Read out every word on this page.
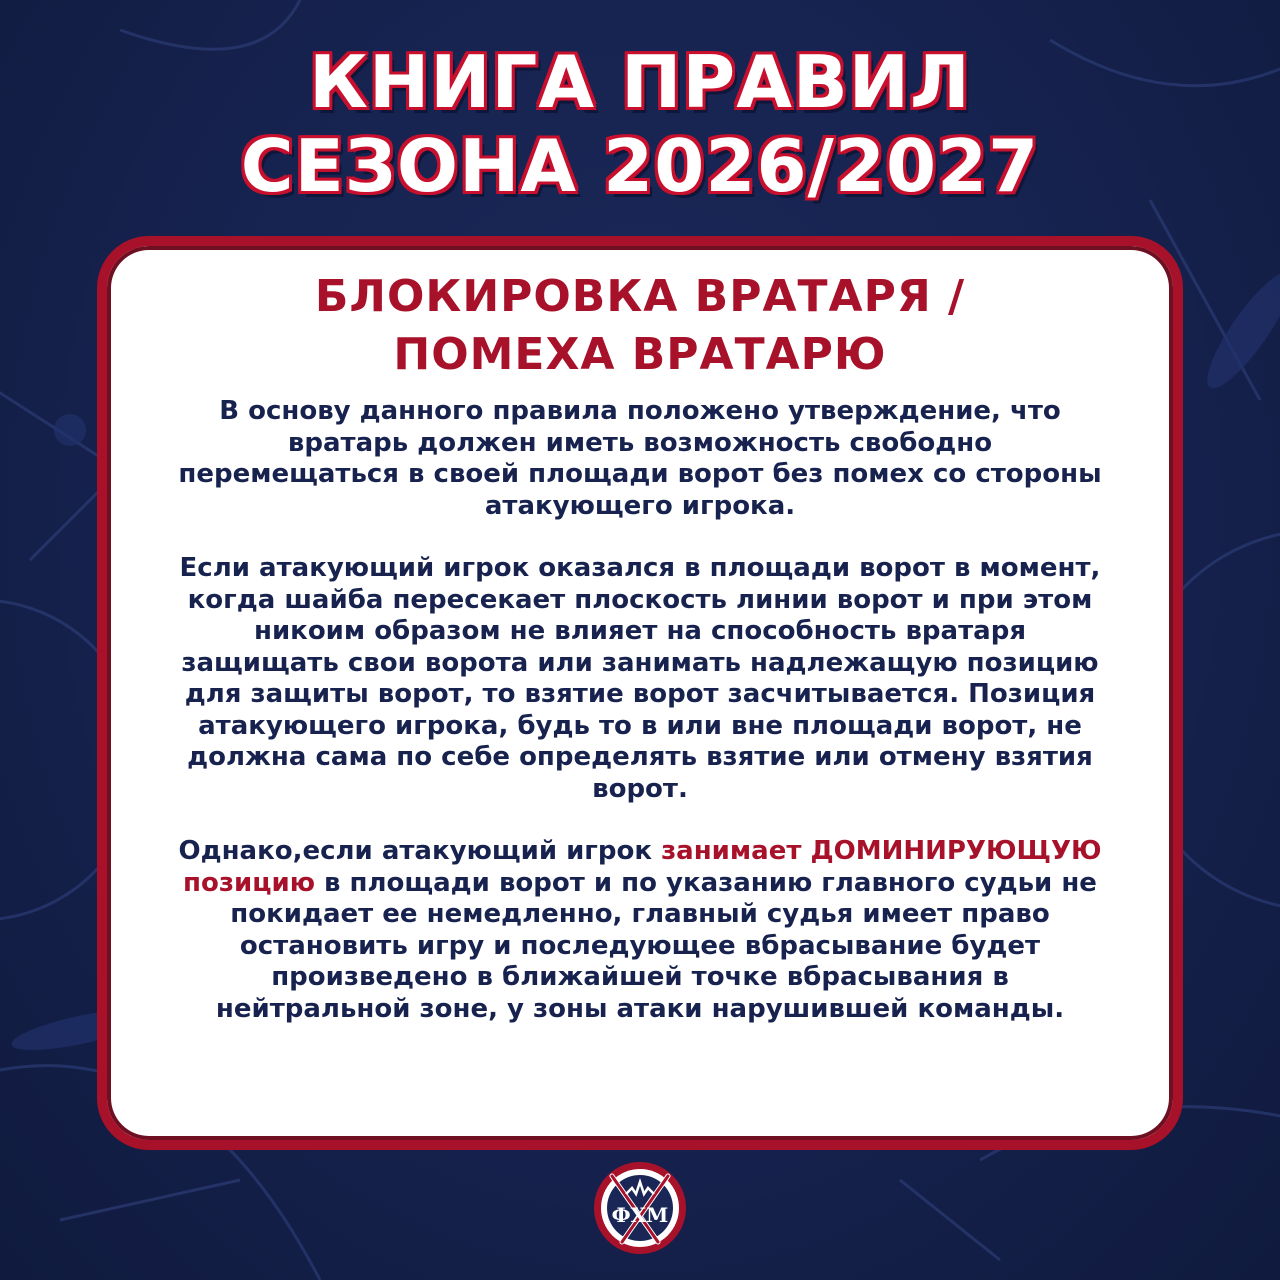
КНИГА ПРАВИЛ
СЕЗОНА 2026/2027
БЛОКИРОВКА ВРАТАРЯ /
ПОМЕХА ВРАТАРЮ

В основу данного правила положено утверждение, что вратарь должен иметь возможность свободно перемещаться в своей площади ворот без помех со стороны атакующего игрока.

Если атакующий игрок оказался в площади ворот в момент, когда шайба пересекает плоскость линии ворот и при этом никоим образом не влияет на способность вратаря защищать свои ворота или занимать надлежащую позицию для защиты ворот, то взятие ворот засчитывается. Позиция атакующего игрока, будь то в или вне площади ворот, не должна сама по себе определять взятие или отмену взятия ворот.

Однако,если атакующий игрок занимает ДОМИНИРУЮЩУЮ позицию в площади ворот и по указанию главного судьи не покидает ее немедленно, главный судья имеет право остановить игру и последующее вбрасывание будет произведено в ближайшей точке вбрасывания в нейтральной зоне, у зоны атаки нарушившей команды.

ФХМ
